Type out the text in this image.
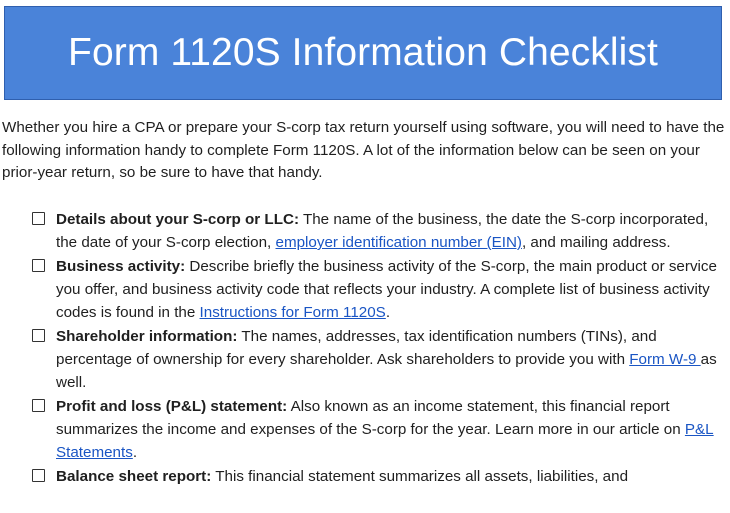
Form 1120S Information Checklist

Whether you hire a CPA or prepare your S-corp tax return yourself using software, you will need to have the following information handy to complete Form 1120S. A lot of the information below can be seen on your prior-year return, so be sure to have that handy.

Details about your S-corp or LLC: The name of the business, the date the S-corp incorporated, the date of your S-corp election, employer identification number (EIN), and mailing address.
Business activity: Describe briefly the business activity of the S-corp, the main product or service you offer, and business activity code that reflects your industry. A complete list of business activity codes is found in the Instructions for Form 1120S.
Shareholder information: The names, addresses, tax identification numbers (TINs), and percentage of ownership for every shareholder. Ask shareholders to provide you with Form W-9 as well.
Profit and loss (P&L) statement: Also known as an income statement, this financial report summarizes the income and expenses of the S-corp for the year. Learn more in our article on P&L Statements.
Balance sheet report: This financial statement summarizes all assets, liabilities, and
